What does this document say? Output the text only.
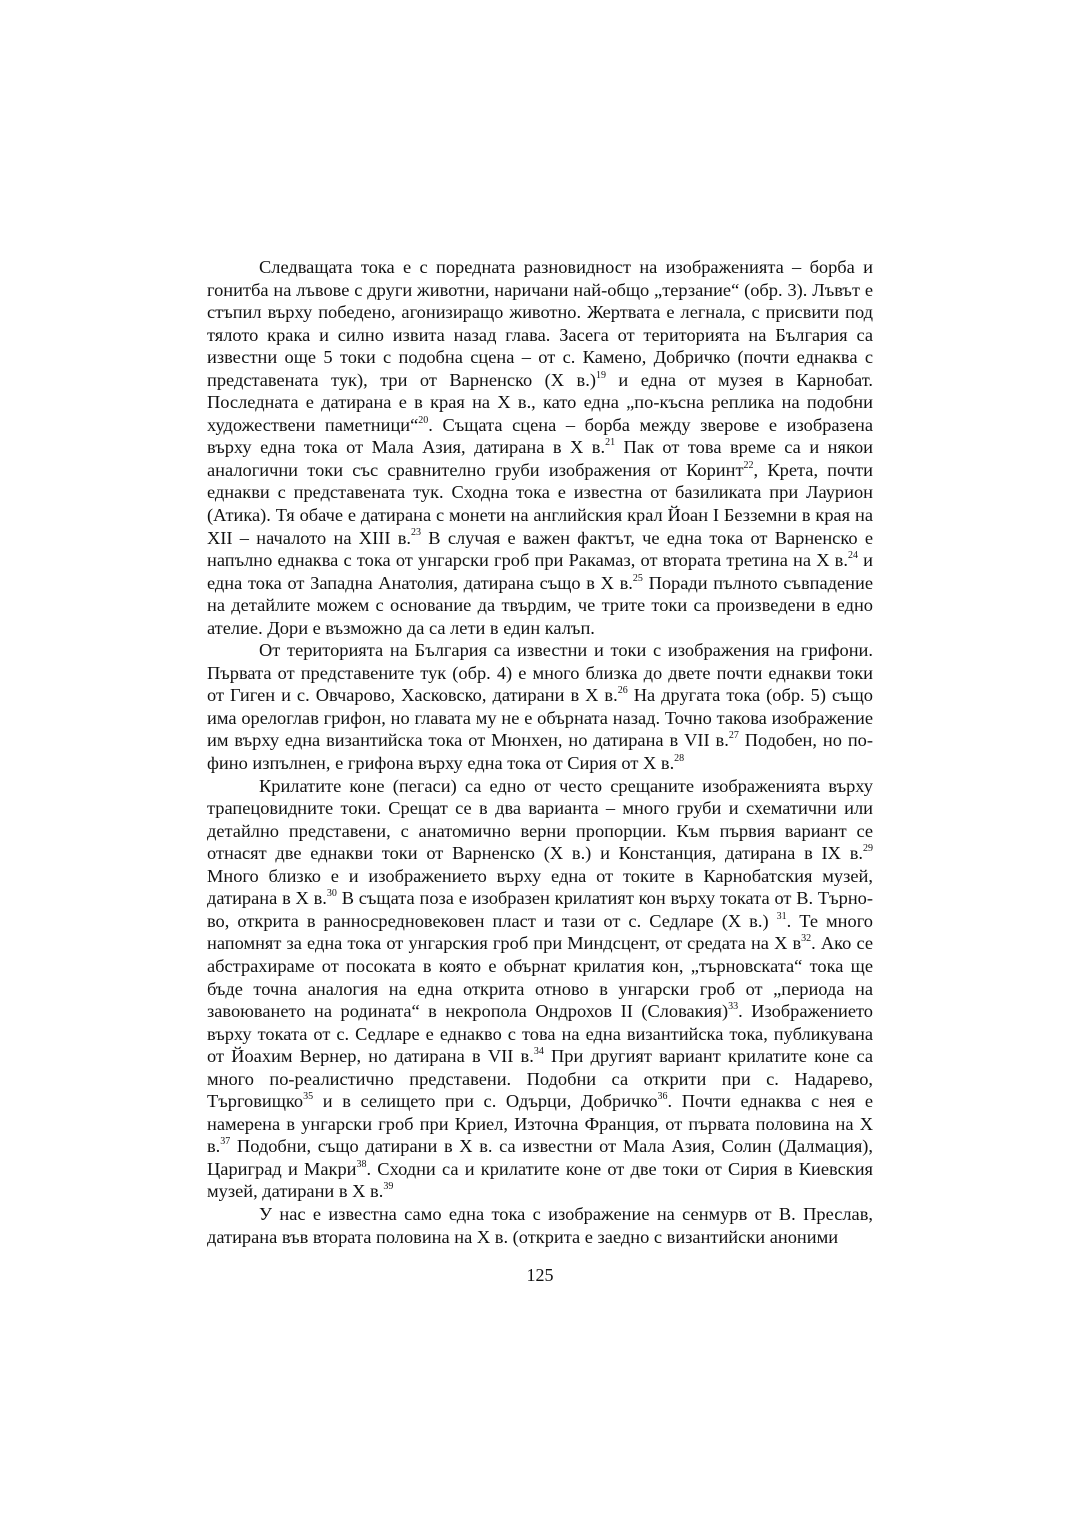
Следващата тока е с поредната разновидност на изображенията – борба и гонитба на лъвове с други животни, наричани най-общо „терзание“ (обр. 3). Лъвът е стъпил върху победено, агонизиращо животно. Жертвата е легнала, с присвити под тялото крака и силно извита назад глава. Засега от територията на България са известни още 5 токи с подобна сцена – от с. Камено, Добричко (почти еднаква с представената тук), три от Варненско (X в.)$^{19}$ и една от музея в Карнобат. Последната е датирана е в края на X в., като една „по-късна реплика на подобни художествени паметници“$^{20}$. Същата сцена – борба между зверове е изобразена върху една тока от Мала Азия, датирана в X в.$^{21}$ Пак от това време са и някои аналогични токи със сравнително груби изображения от Коринт$^{22}$, Крета, почти еднакви с представената тук. Сходна тока е известна от базиликата при Лаурион (Атика). Тя обаче е датирана с монети на английския крал Йоан I Безземни в края на XII – началото на XIII в.$^{23}$ В случая е важен фактът, че една тока от Варненско е напълно еднаква с тока от унгарски гроб при Ракамаз, от втората третина на X в.$^{24}$ и една тока от Западна Анатолия, датирана също в X в.$^{25}$ Поради пълното съвпадение на детайлите можем с основание да твърдим, че трите токи са произведени в едно ателие. Дори е възможно да са лети в един калъп.

От територията на България са известни и токи с изображения на грифони. Първата от представените тук (обр. 4) е много близка до двете почти еднакви токи от Гиген и с. Овчарово, Хасковско, датирани в X в.$^{26}$ На другата тока (обр. 5) също има орелоглав грифон, но главата му не е обърната назад. Точно такова изображение им върху една византийска тока от Мюнхен, но датирана в VII в.$^{27}$ Подобен, но по-фино изпълнен, е грифона върху една тока от Сирия от X в.$^{28}$

Крилатите коне (пегаси) са едно от често срещаните изображенията върху трапецовидните токи. Срещат се в два варианта – много груби и схематични или детайлно представени, с анатомично верни пропорции. Към първия вариант се отнасят две еднакви токи от Варненско (X в.) и Констанция, датирана в IX в.$^{29}$ Много близко е и изображението върху една от токите в Карнобатския музей, датирана в X в.$^{30}$ В същата поза е изобразен крилатият кон върху токата от В. Търново, открита в ранносредновековен пласт и тази от с. Седларе (X в.) $^{31}$. Те много напомнят за една тока от унгарския гроб при Миндсцент, от средата на X в$^{32}$. Ако се абстрахираме от посоката в която е обърнат крилатия кон, „търновската“ тока ще бъде точна аналогия на една открита отново в унгарски гроб от „периода на завоюването на родината“ в некропола Ондрохов II (Словакия)$^{33}$. Изображението върху токата от с. Седларе е еднакво с това на една византийска тока, публикувана от Йоахим Вернер, но датирана в VII в.$^{34}$ При другият вариант крилатите коне са много по-реалистично представени. Подобни са открити при с. Надарево, Търговищко$^{35}$ и в селището при с. Одърци, Добричко$^{36}$. Почти еднаква с нея е намерена в унгарски гроб при Криел, Източна Франция, от първата половина на X в.$^{37}$ Подобни, също датирани в X в. са известни от Мала Азия, Солин (Далмация), Цариград и Макри$^{38}$. Сходни са и крилатите коне от две токи от Сирия в Киевския музей, датирани в X в.$^{39}$

У нас е известна само една тока с изображение на сенмурв от В. Преслав, датирана във втората половина на X в. (открита е заедно с византийски аноними

125
